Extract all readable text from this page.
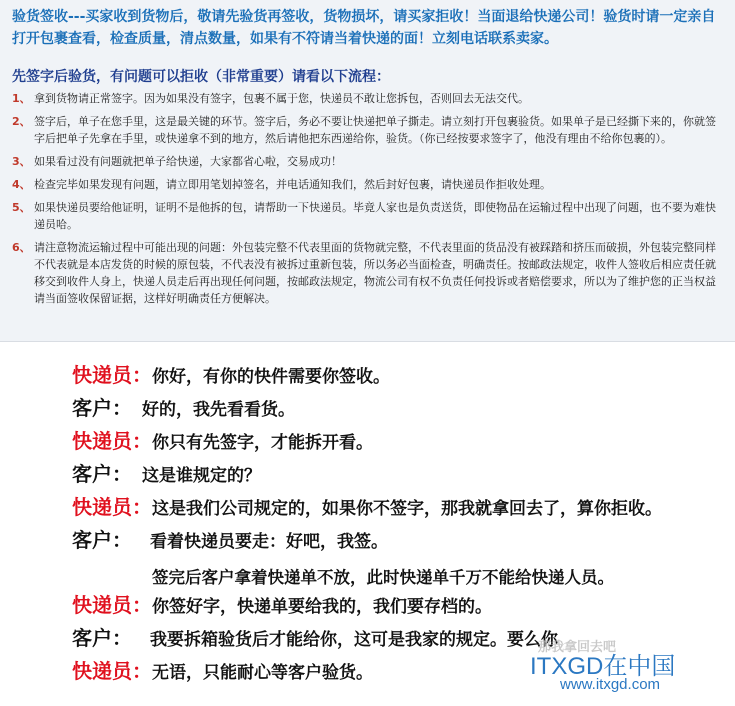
验货签收---买家收到货物后，敬请先验货再签收，货物损坏，请买家拒收！当面退给快递公司！验货时请一定亲自打开包裹查看，检查质量，清点数量，如果有不符请当着快递的面！立刻电话联系卖家。

先签字后验货，有问题可以拒收（非常重要）请看以下流程：

1、 拿到货物请正常签字。因为如果没有签字，包裹不属于您，快递员不敢让您拆包，否则回去无法交代。
2、 签字后，单子在您手里，这是最关键的环节。签字后，务必不要让快递把单子撕走。请立刻打开包裹验货。如果单子是已经撕下来的，你就签字后把单子先拿在手里，或快递拿不到的地方，然后请他把东西递给你，验货。（你已经按要求签字了，他没有理由不给你包裹的）。
3、 如果看过没有问题就把单子给快递，大家都省心啦，交易成功！
4、 检查完毕如果发现有问题，请立即用笔划掉签名，并电话通知我们，然后封好包裹，请快递员作拒收处理。
5、 如果快递员要给他证明，证明不是他拆的包，请帮助一下快递员。毕竟人家也是负责送货，即使物品在运输过程中出现了问题，也不要为难快递员哈。
6、 请注意物流运输过程中可能出现的问题：外包装完整不代表里面的货物就完整，不代表里面的货品没有被踩踏和挤压而破损，外包装完整同样不代表就是本店发货的时候的原包装，不代表没有被拆过重新包装，所以务必当面检查，明确责任。按邮政法规定，收件人签收后相应责任就移交到收件人身上，快递人员走后再出现任何问题，按邮政法规定，物流公司有权不负责任何投诉或者赔偿要求，所以为了维护您的正当权益请当面签收保留证据，这样好明确责任方便解决。
快递员： 你好，有你的快件需要你签收。
客户： 好的，我先看看货。
快递员： 你只有先签字，才能拆开看。
客户： 这是谁规定的？
快递员： 这是我们公司规定的，如果你不签字，那我就拿回去了，算你拒收。
客户： 看着快递员要走：好吧，我签。
签完后客户拿着快递单不放，此时快递单千万不能给快递人员。
快递员： 你签好字，快递单要给我的，我们要存档的。
客户： 我要拆箱验货后才能给你，这可是我家的规定。要么你
快递员： 无语，只能耐心等客户验货。
那我拿回去吧
ITXGD在中国
www.itxgd.com
